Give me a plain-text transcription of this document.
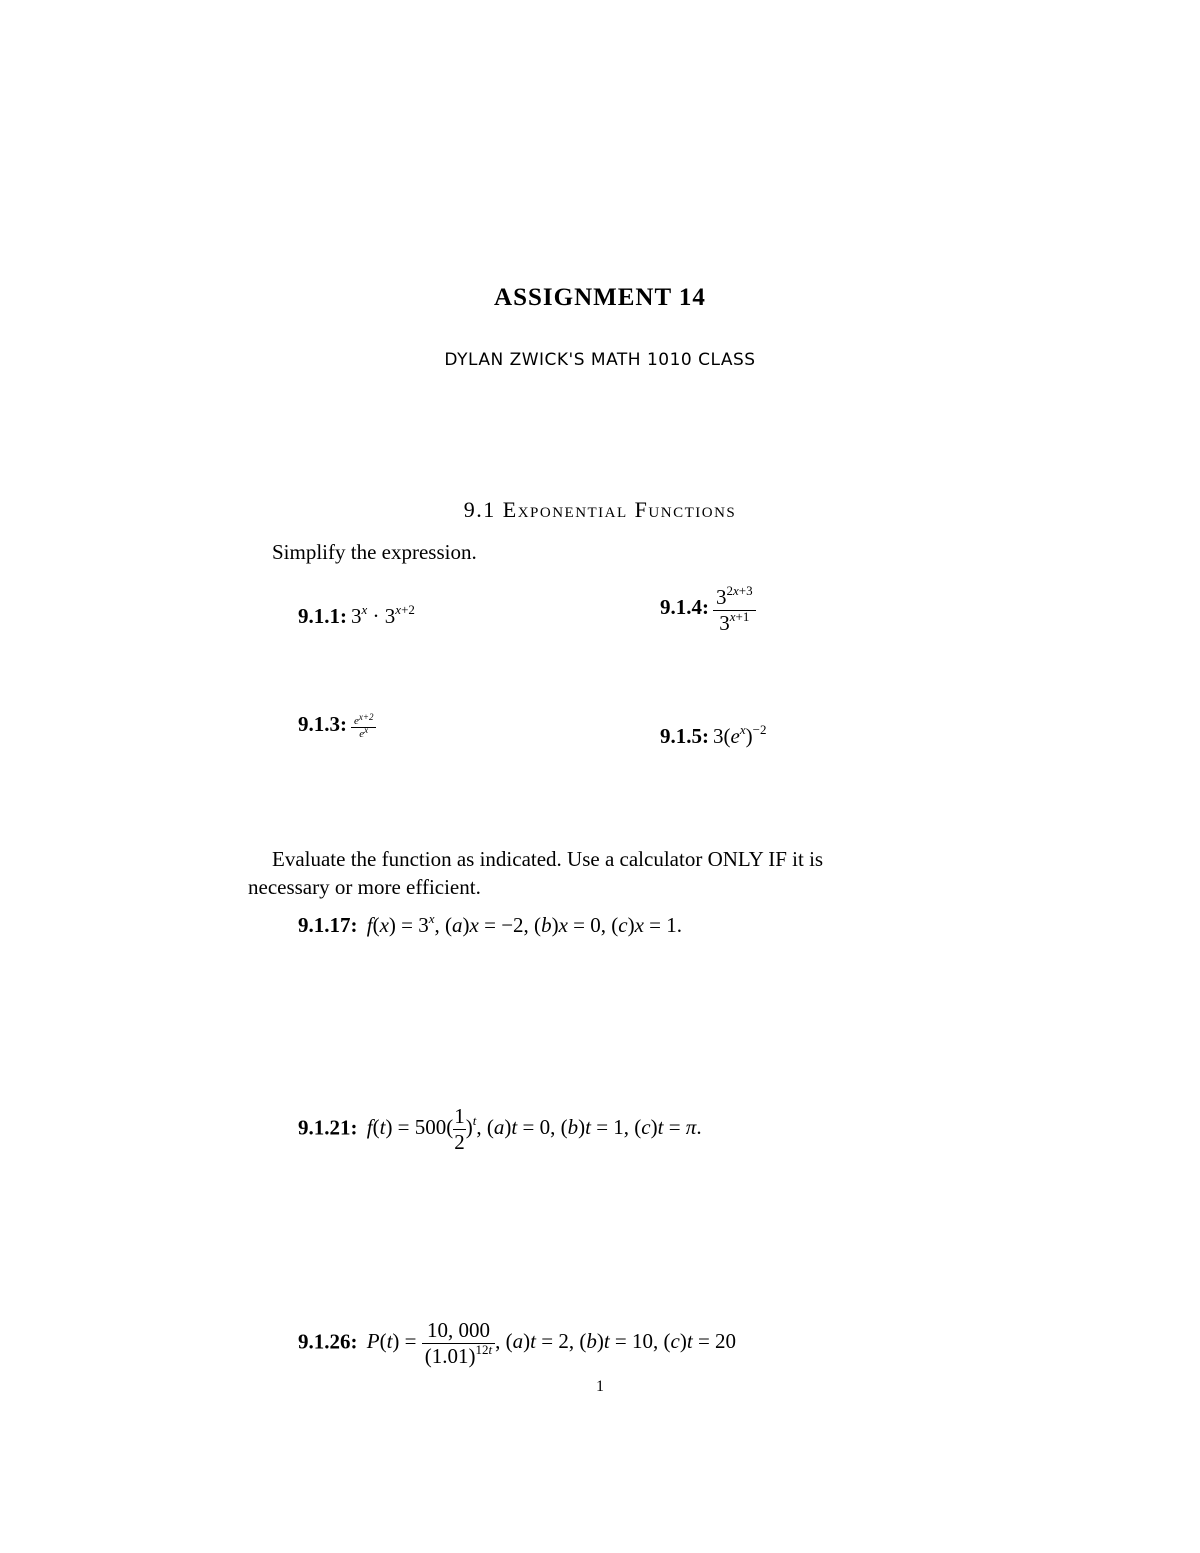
ASSIGNMENT 14
DYLAN ZWICK'S MATH 1010 CLASS
9.1 Exponential Functions
Simplify the expression.
9.1.1: $3^x \cdot 3^{x+2}$	9.1.4: $\frac{3^{2x+3}}{3^{x+1}}$
9.1.3: $\frac{e^{x+2}}{e^x}$	9.1.5: $3(e^x)^{-2}$
Evaluate the function as indicated. Use a calculator ONLY IF it is
necessary or more efficient.
9.1.17: $f(x) = 3^x$, (a)x = −2, (b)x = 0, (c)x = 1.
9.1.21: $f(t) = 500( \frac{1}{2} )^t$, (a)t = 0, (b)t = 1, (c)t = π.
9.1.26: $P(t) = \frac{10, 000}{(1.01)^{12t}}$ , (a)t = 2, (b)t = 10, (c)t = 20
1
